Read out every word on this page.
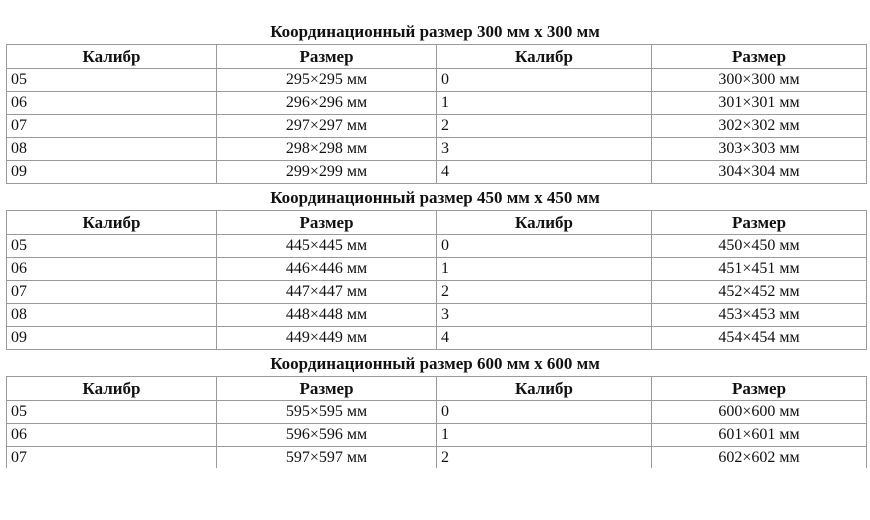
Координационный размер 300 мм x 300 мм
Калибр	Размер	Калибр	Размер
05	295×295 мм	0	300×300 мм
06	296×296 мм	1	301×301 мм
07	297×297 мм	2	302×302 мм
08	298×298 мм	3	303×303 мм
09	299×299 мм	4	304×304 мм
Координационный размер 450 мм x 450 мм
Калибр	Размер	Калибр	Размер
05	445×445 мм	0	450×450 мм
06	446×446 мм	1	451×451 мм
07	447×447 мм	2	452×452 мм
08	448×448 мм	3	453×453 мм
09	449×449 мм	4	454×454 мм
Координационный размер 600 мм x 600 мм
Калибр	Размер	Калибр	Размер
05	595×595 мм	0	600×600 мм
06	596×596 мм	1	601×601 мм
07	597×597 мм	2	602×602 мм
